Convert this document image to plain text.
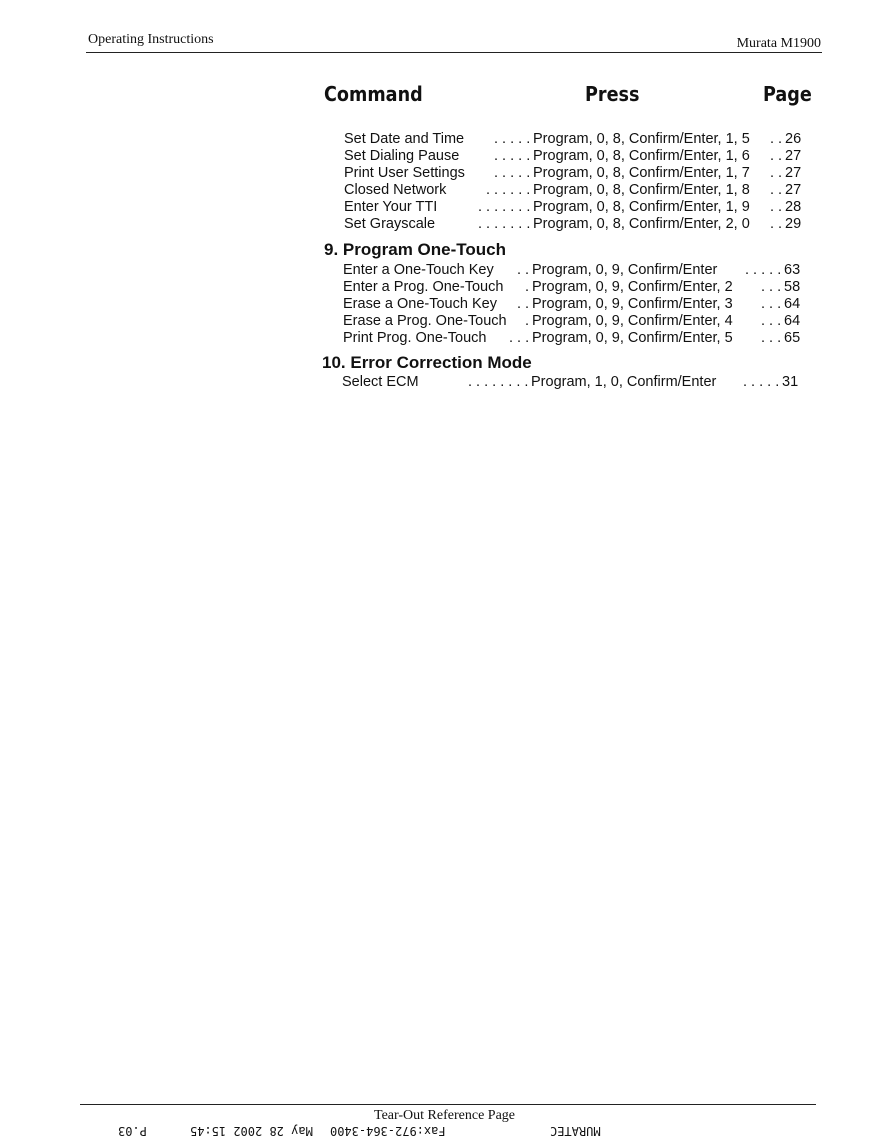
Operating Instructions	Murata M1900
Command	Press	Page
Set Date and Time . . . . . Program, 0, 8, Confirm/Enter, 1, 5 . . 26
Set Dialing Pause . . . . . Program, 0, 8, Confirm/Enter, 1, 6 . . 27
Print User Settings . . . . . Program, 0, 8, Confirm/Enter, 1, 7 . . 27
Closed Network	. . . . . . Program, 0, 8, Confirm/Enter, 1, 8 . . 27
Enter Your TTI	. . . . . . . Program, 0, 8, Confirm/Enter, 1, 9 . . 28
Set Grayscale	. . . . . . . Program, 0, 8, Confirm/Enter, 2, 0 . . 29
9. Program One-Touch
Enter a One-Touch Key . . Program, 0, 9, Confirm/Enter . . . . . 63
Enter a Prog. One-Touch . Program, 0, 9, Confirm/Enter, 2 . . . 58
Erase a One-Touch Key . . Program, 0, 9, Confirm/Enter, 3 . . . 64
Erase a Prog. One-Touch . Program, 0, 9, Confirm/Enter, 4 . . . 64
Print Prog. One-Touch . . . Program, 0, 9, Confirm/Enter, 5 . . . 65
10. Error Correction Mode
Select ECM	. . . . . . . . Program, 1, 0, Confirm/Enter . . . . . 31
Tear-Out Reference Page
MURATEC
Fax:972-364-3400
May 28 2002 15:45
P.03
